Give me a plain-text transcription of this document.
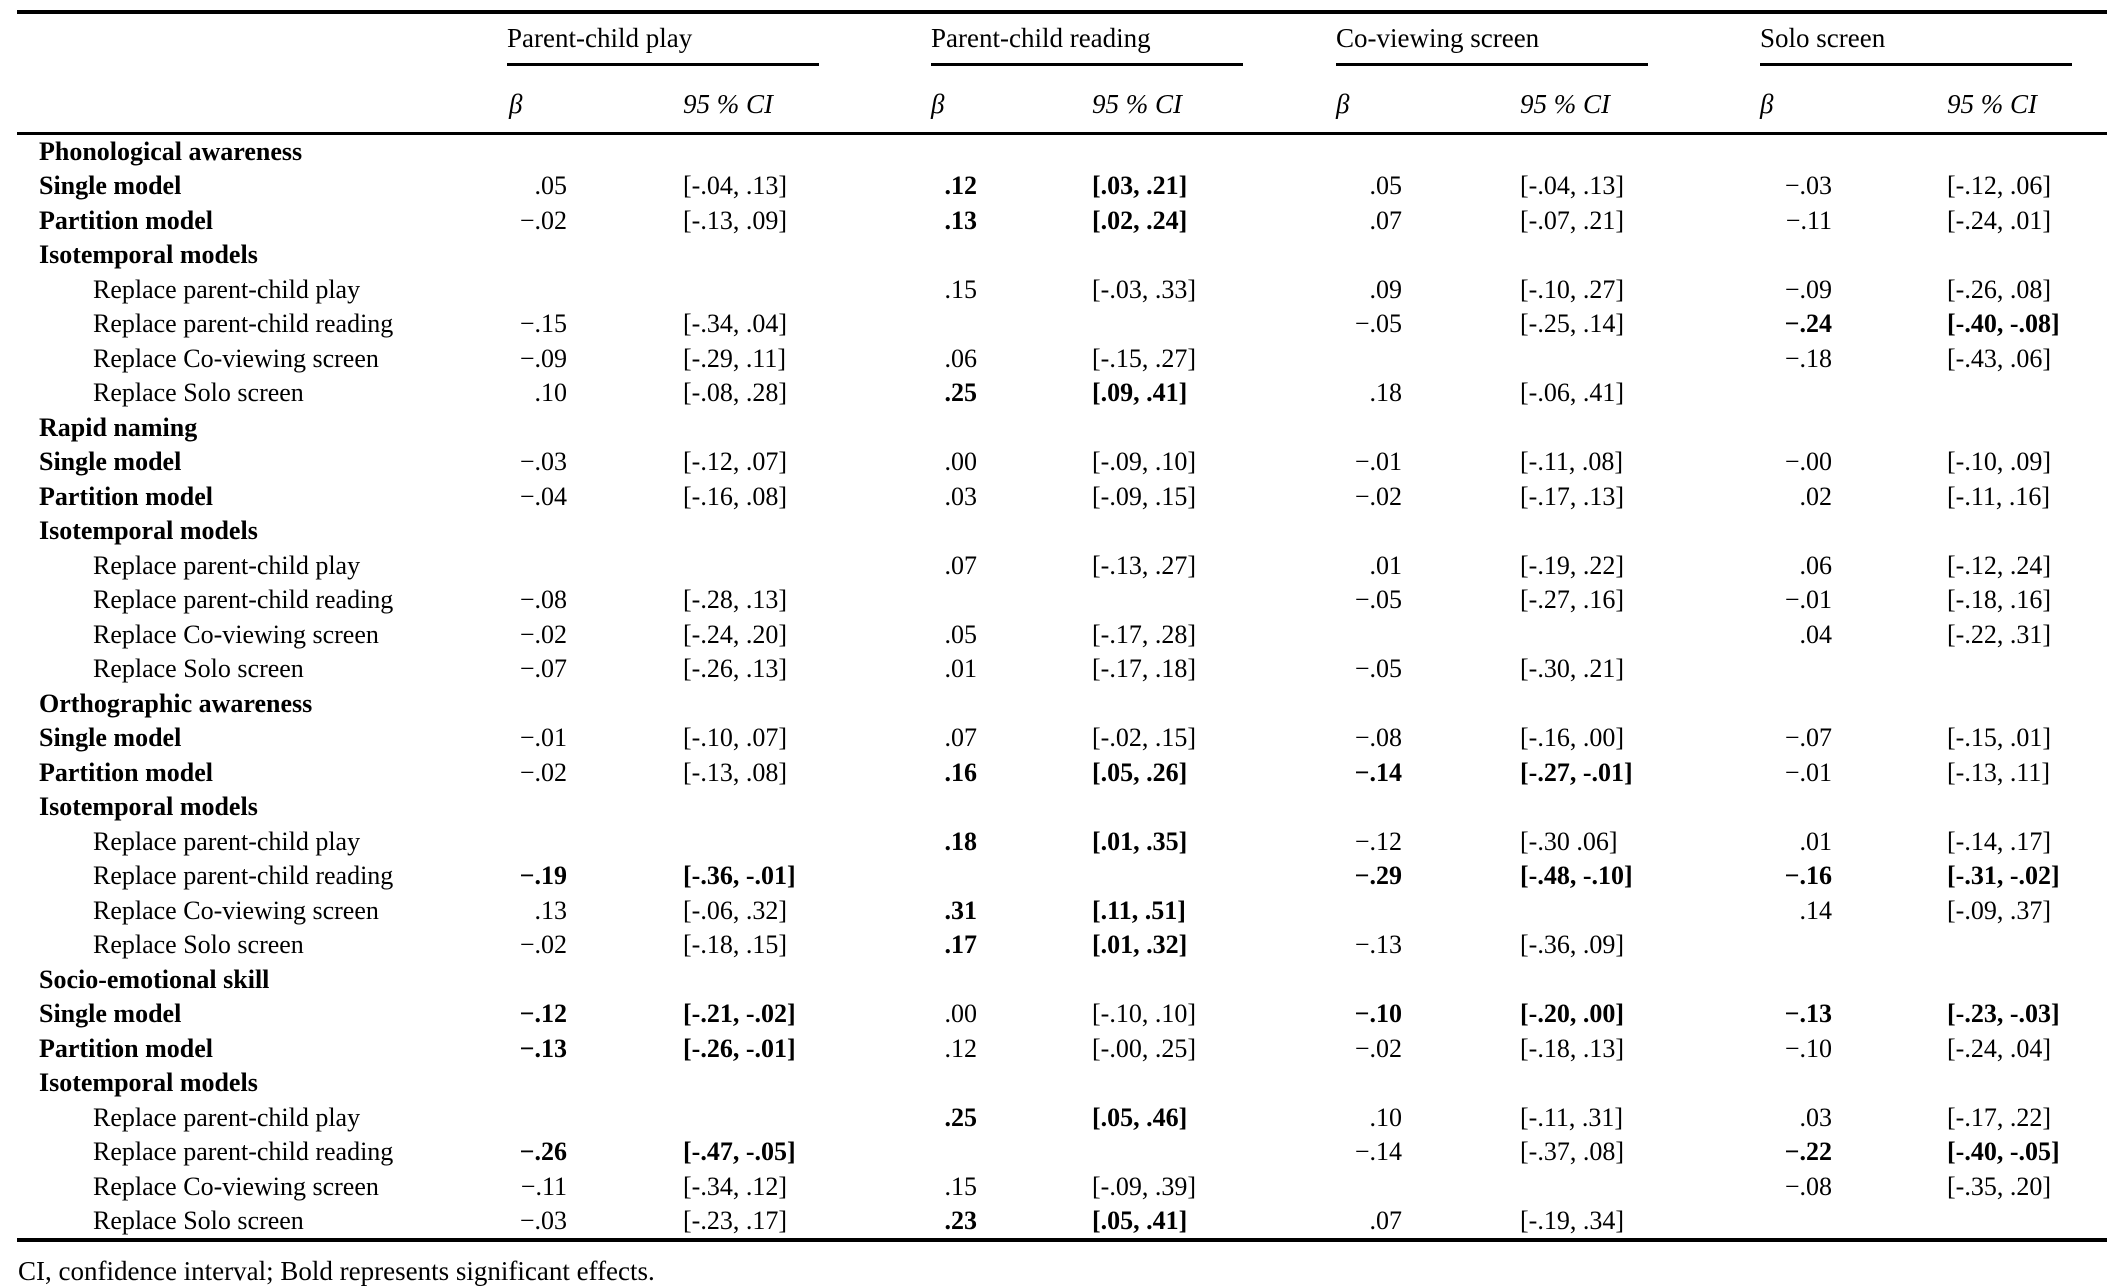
	Parent-child play		Parent-child reading		Co-viewing screen		Solo screen	
	β	95 % CI	β	95 % CI	β	95 % CI	β	95 % CI
Phonological awareness								
Single model	.05	[-.04, .13]	.12	[.03, .21]	.05	[-.04, .13]	−.03	[-.12, .06]
Partition model	−.02	[-.13, .09]	.13	[.02, .24]	.07	[-.07, .21]	−.11	[-.24, .01]
Isotemporal models								
Replace parent-child play			.15	[-.03, .33]	.09	[-.10, .27]	−.09	[-.26, .08]
Replace parent-child reading	−.15	[-.34, .04]			−.05	[-.25, .14]	−.24	[-.40, -.08]
Replace Co-viewing screen	−.09	[-.29, .11]	.06	[-.15, .27]			−.18	[-.43, .06]
Replace Solo screen	.10	[-.08, .28]	.25	[.09, .41]	.18	[-.06, .41]		
Rapid naming								
Single model	−.03	[-.12, .07]	.00	[-.09, .10]	−.01	[-.11, .08]	−.00	[-.10, .09]
Partition model	−.04	[-.16, .08]	.03	[-.09, .15]	−.02	[-.17, .13]	.02	[-.11, .16]
Isotemporal models								
Replace parent-child play			.07	[-.13, .27]	.01	[-.19, .22]	.06	[-.12, .24]
Replace parent-child reading	−.08	[-.28, .13]			−.05	[-.27, .16]	−.01	[-.18, .16]
Replace Co-viewing screen	−.02	[-.24, .20]	.05	[-.17, .28]			.04	[-.22, .31]
Replace Solo screen	−.07	[-.26, .13]	.01	[-.17, .18]	−.05	[-.30, .21]		
Orthographic awareness								
Single model	−.01	[-.10, .07]	.07	[-.02, .15]	−.08	[-.16, .00]	−.07	[-.15, .01]
Partition model	−.02	[-.13, .08]	.16	[.05, .26]	−.14	[-.27, -.01]	−.01	[-.13, .11]
Isotemporal models								
Replace parent-child play			.18	[.01, .35]	−.12	[-.30 .06]	.01	[-.14, .17]
Replace parent-child reading	−.19	[-.36, -.01]			−.29	[-.48, -.10]	−.16	[-.31, -.02]
Replace Co-viewing screen	.13	[-.06, .32]	.31	[.11, .51]			.14	[-.09, .37]
Replace Solo screen	−.02	[-.18, .15]	.17	[.01, .32]	−.13	[-.36, .09]		
Socio-emotional skill								
Single model	−.12	[-.21, -.02]	.00	[-.10, .10]	−.10	[-.20, .00]	−.13	[-.23, -.03]
Partition model	−.13	[-.26, -.01]	.12	[-.00, .25]	−.02	[-.18, .13]	−.10	[-.24, .04]
Isotemporal models								
Replace parent-child play			.25	[.05, .46]	.10	[-.11, .31]	.03	[-.17, .22]
Replace parent-child reading	−.26	[-.47, -.05]			−.14	[-.37, .08]	−.22	[-.40, -.05]
Replace Co-viewing screen	−.11	[-.34, .12]	.15	[-.09, .39]			−.08	[-.35, .20]
Replace Solo screen	−.03	[-.23, .17]	.23	[.05, .41]	.07	[-.19, .34]		
CI, confidence interval; Bold represents significant effects.
